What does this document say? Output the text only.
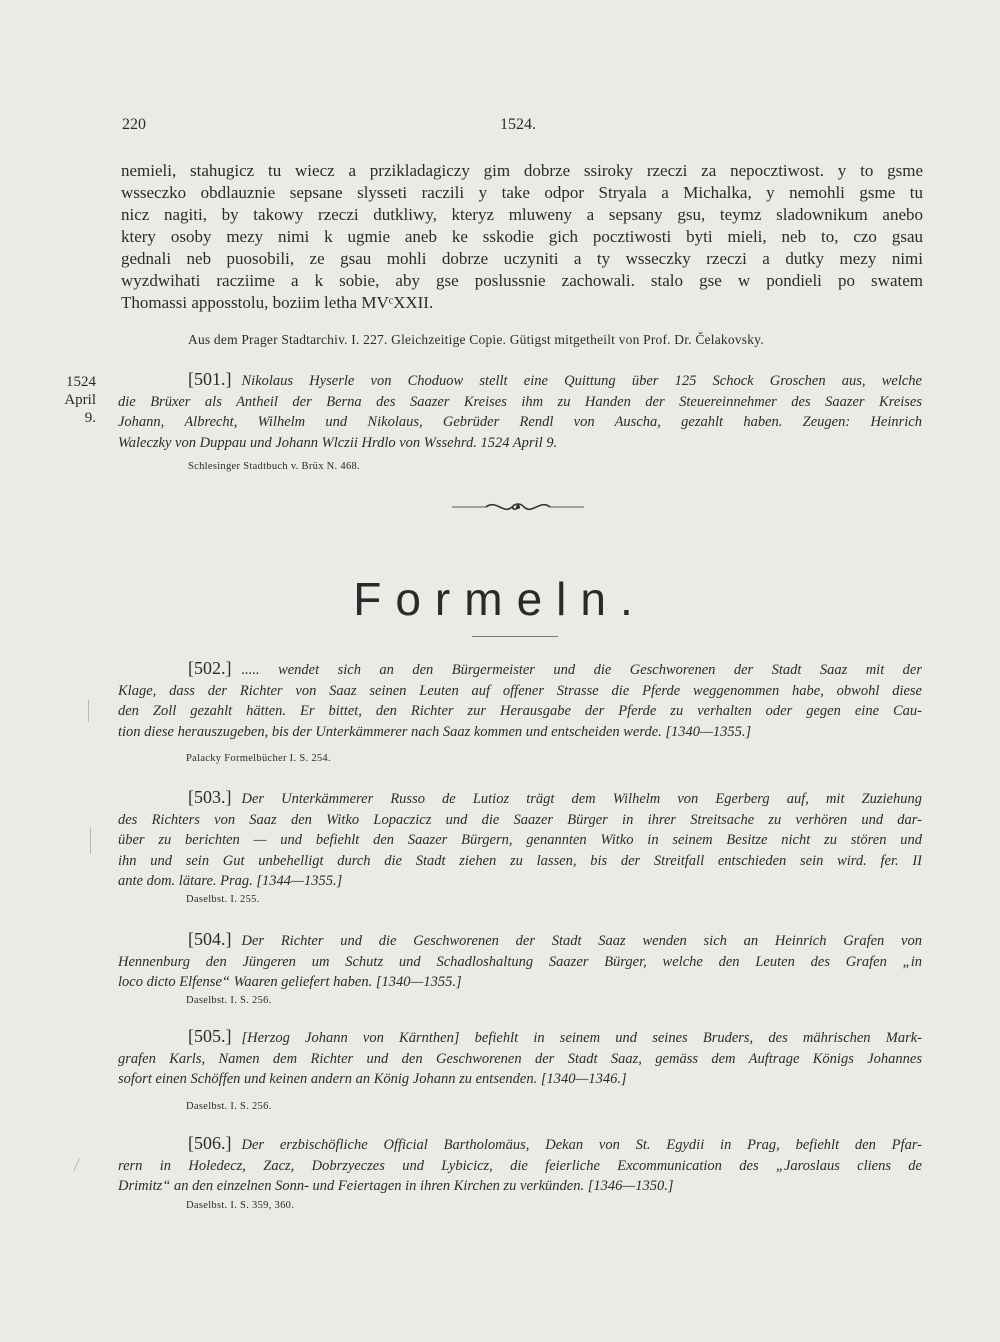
220	1524.
nemieli, stahugicz tu wiecz a przikladagiczy gim dobrze ssiroky rzeczi za nepocztiwost. y to gsme
wsseczko obdlauznie sepsane slysseti raczili y take odpor Stryala a Michalka, y nemohli gsme tu
nicz nagiti, by takowy rzeczi dutkliwy, kteryz mluweny a sepsany gsu, teymz sladownikum anebo
ktery osoby mezy nimi k ugmie aneb ke sskodie gich pocztiwosti byti mieli, neb to, czo gsau
gednali neb puosobili, ze gsau mohli dobrze uczyniti a ty wsseczky rzeczi a dutky mezy nimi
wyzdwihati racziime a k sobie, aby gse poslussnie zachowali. stalo gse w pondieli po swatem
Thomassi apposstolu, boziim letha MVᶜXXII.
Aus dem Prager Stadtarchiv. I. 227. Gleichzeitige Copie. Gütigst mitgetheilt von Prof. Dr. Čelakovsky.
1524
April 9.
[501.] Nikolaus Hyserle von Choduow stellt eine Quittung über 125 Schock Groschen aus, welche
die Brüxer als Antheil der Berna des Saazer Kreises ihm zu Handen der Steuereinnehmer des Saazer Kreises
Johann, Albrecht, Wilhelm und Nikolaus, Gebrüder Rendl von Auscha, gezahlt haben. Zeugen: Heinrich
Waleczky von Duppau und Johann Wlczii Hrdlo von Wssehrd. 1524 April 9.
Schlesinger Stadtbuch v. Brüx N. 468.
Formeln.
[502.] ..... wendet sich an den Bürgermeister und die Geschworenen der Stadt Saaz mit der
Klage, dass der Richter von Saaz seinen Leuten auf offener Strasse die Pferde weggenommen habe, obwohl diese
den Zoll gezahlt hätten. Er bittet, den Richter zur Herausgabe der Pferde zu verhalten oder gegen eine Cau-
tion diese herauszugeben, bis der Unterkämmerer nach Saaz kommen und entscheiden werde. [1340—1355.]
Palacky Formelbücher I. S. 254.
[503.] Der Unterkämmerer Russo de Lutioz trägt dem Wilhelm von Egerberg auf, mit Zuziehung
des Richters von Saaz den Witko Lopaczicz und die Saazer Bürger in ihrer Streitsache zu verhören und dar-
über zu berichten — und befiehlt den Saazer Bürgern, genannten Witko in seinem Besitze nicht zu stören und
ihn und sein Gut unbehelligt durch die Stadt ziehen zu lassen, bis der Streitfall entschieden sein wird. fer. II
ante dom. lätare. Prag. [1344—1355.]
Daselbst. I. 255.
[504.] Der Richter und die Geschworenen der Stadt Saaz wenden sich an Heinrich Grafen von
Hennenburg den Jüngeren um Schutz und Schadloshaltung Saazer Bürger, welche den Leuten des Grafen „in
loco dicto Elfense“ Waaren geliefert haben. [1340—1355.]
Daselbst. I. S. 256.
[505.] [Herzog Johann von Kärnthen] befiehlt in seinem und seines Bruders, des mährischen Mark-
grafen Karls, Namen dem Richter und den Geschworenen der Stadt Saaz, gemäss dem Auftrage Königs Johannes
sofort einen Schöffen und keinen andern an König Johann zu entsenden. [1340—1346.]
Daselbst. I. S. 256.
[506.] Der erzbischöfliche Official Bartholomäus, Dekan von St. Egydii in Prag, befiehlt den Pfar-
rern in Holedecz, Zacz, Dobrzyeczes und Lybicicz, die feierliche Excommunication des „Jaroslaus cliens de
Drimitz“ an den einzelnen Sonn- und Feiertagen in ihren Kirchen zu verkünden. [1346—1350.]
Daselbst. I. S. 359, 360.
